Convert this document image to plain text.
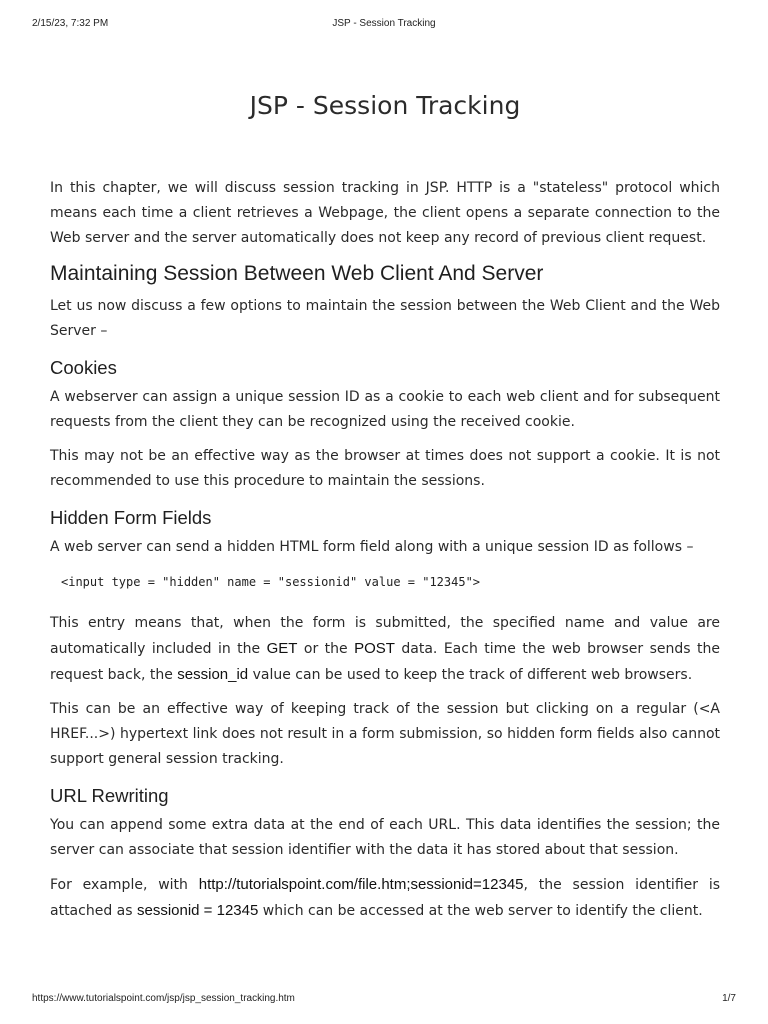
2/15/23, 7:32 PM	JSP - Session Tracking
JSP - Session Tracking

In this chapter, we will discuss session tracking in JSP. HTTP is a "stateless" protocol which means each time a client retrieves a Webpage, the client opens a separate connection to the Web server and the server automatically does not keep any record of previous client request.

Maintaining Session Between Web Client And Server

Let us now discuss a few options to maintain the session between the Web Client and the Web Server –

Cookies

A webserver can assign a unique session ID as a cookie to each web client and for subsequent requests from the client they can be recognized using the received cookie.

This may not be an effective way as the browser at times does not support a cookie. It is not recommended to use this procedure to maintain the sessions.

Hidden Form Fields

A web server can send a hidden HTML form field along with a unique session ID as follows –

<input type = "hidden" name = "sessionid" value = "12345">

This entry means that, when the form is submitted, the specified name and value are automatically included in the GET or the POST data. Each time the web browser sends the request back, the session_id value can be used to keep the track of different web browsers.

This can be an effective way of keeping track of the session but clicking on a regular (<A HREF...>) hypertext link does not result in a form submission, so hidden form fields also cannot support general session tracking.

URL Rewriting

You can append some extra data at the end of each URL. This data identifies the session; the server can associate that session identifier with the data it has stored about that session.

For example, with http://tutorialspoint.com/file.htm;sessionid=12345, the session identifier is attached as sessionid = 12345 which can be accessed at the web server to identify the client.

https://www.tutorialspoint.com/jsp/jsp_session_tracking.htm	1/7
